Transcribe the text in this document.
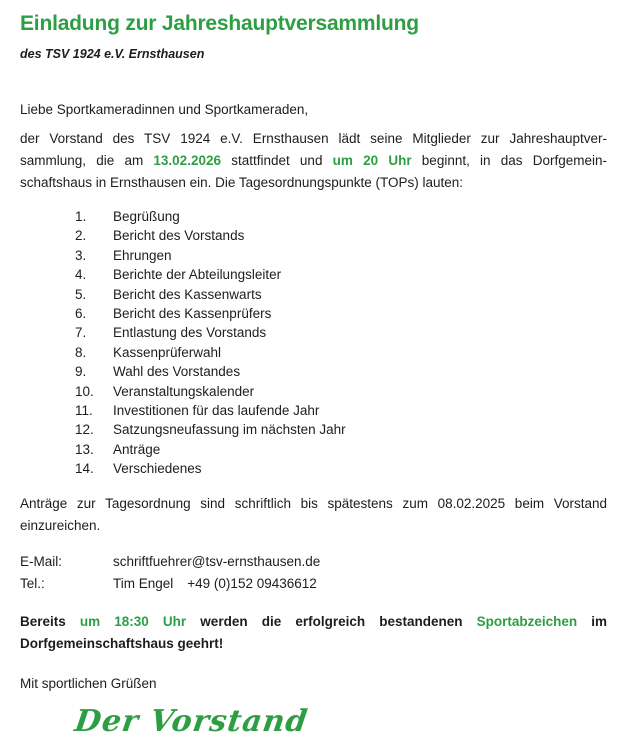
Einladung zur Jahreshauptversammlung

des TSV 1924 e.V. Ernsthausen

Liebe Sportkameradinnen und Sportkameraden,
der Vorstand des TSV 1924 e.V. Ernsthausen lädt seine Mitglieder zur Jahreshauptver-
sammlung, die am 13.02.2026 stattfindet und um 20 Uhr beginnt, in das Dorfgemein-
schaftshaus in Ernsthausen ein. Die Tagesordnungspunkte (TOPs) lauten:
1.	Begrüßung
2.	Bericht des Vorstands
3.	Ehrungen
4.	Berichte der Abteilungsleiter
5.	Bericht des Kassenwarts
6.	Bericht des Kassenprüfers
7.	Entlastung des Vorstands
8.	Kassenprüferwahl
9.	Wahl des Vorstandes
10.	Veranstaltungskalender
11.	Investitionen für das laufende Jahr
12.	Satzungsneufassung im nächsten Jahr
13.	Anträge
14.	Verschiedenes
Anträge zur Tagesordnung sind schriftlich bis spätestens zum 08.02.2025 beim Vorstand
einzureichen.
E-Mail:	schriftfuehrer@tsv-ernsthausen.de
Tel.:	Tim Engel +49 (0)152 09436612
Bereits um 18:30 Uhr werden die erfolgreich bestandenen Sportabzeichen im
Dorfgemeinschaftshaus geehrt!
Mit sportlichen Grüßen
Der Vorstand
